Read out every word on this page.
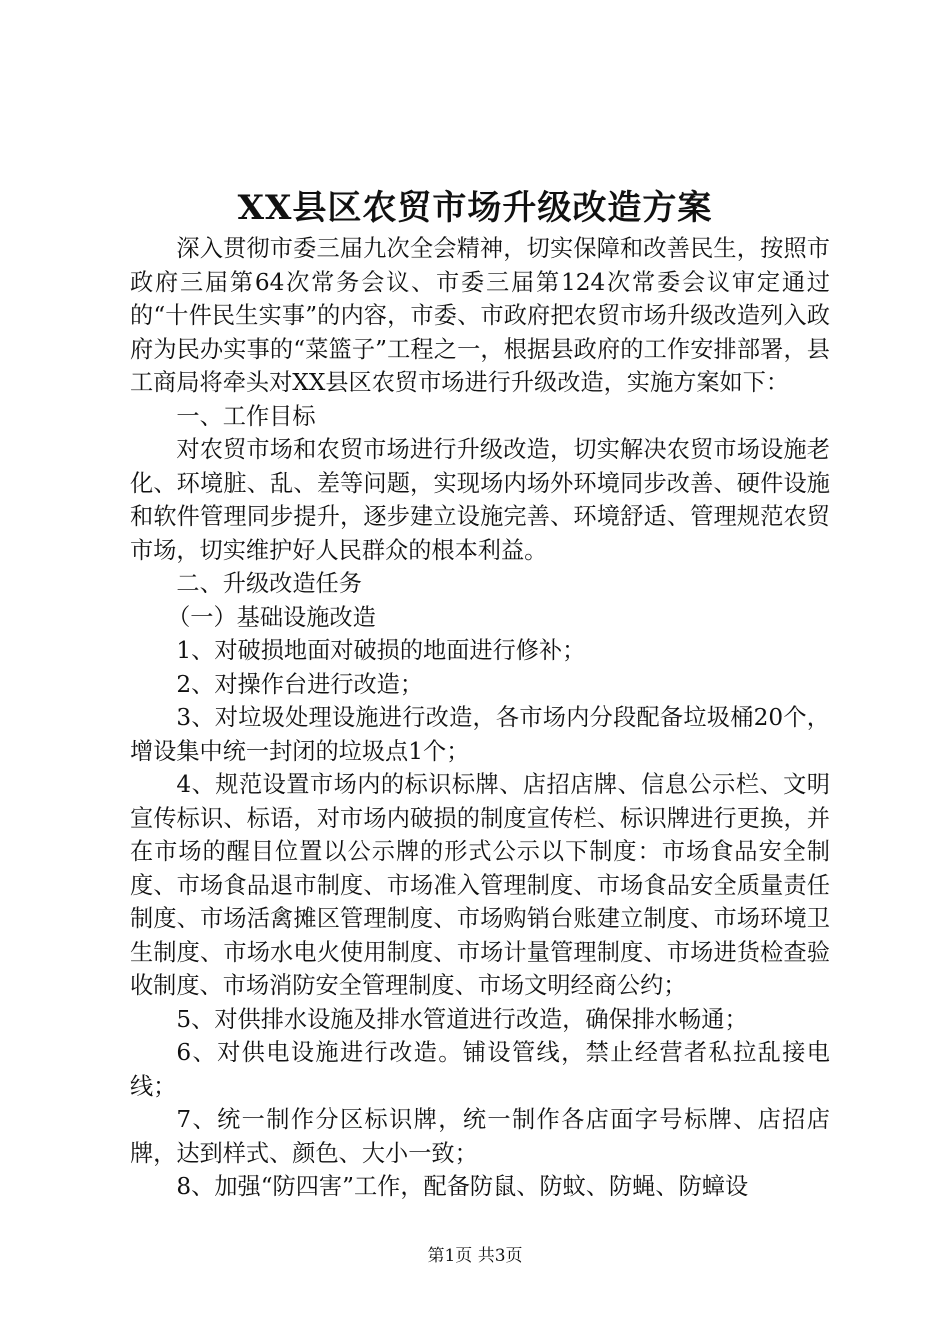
XX县区农贸市场升级改造方案

深入贯彻市委三届九次全会精神，切实保障和改善民生，按照市政府三届第64次常务会议、市委三届第124次常委会议审定通过的“十件民生实事”的内容，市委、市政府把农贸市场升级改造列入政府为民办实事的“菜篮子”工程之一，根据县政府的工作安排部署，县工商局将牵头对XX县区农贸市场进行升级改造，实施方案如下：

一、工作目标

对农贸市场和农贸市场进行升级改造，切实解决农贸市场设施老化、环境脏、乱、差等问题，实现场内场外环境同步改善、硬件设施和软件管理同步提升，逐步建立设施完善、环境舒适、管理规范农贸市场，切实维护好人民群众的根本利益。

二、升级改造任务

（一）基础设施改造

1、对破损地面对破损的地面进行修补；

2、对操作台进行改造；

3、对垃圾处理设施进行改造，各市场内分段配备垃圾桶20个，增设集中统一封闭的垃圾点1个；

4、规范设置市场内的标识标牌、店招店牌、信息公示栏、文明宣传标识、标语，对市场内破损的制度宣传栏、标识牌进行更换，并在市场的醒目位置以公示牌的形式公示以下制度：市场食品安全制度、市场食品退市制度、市场准入管理制度、市场食品安全质量责任制度、市场活禽摊区管理制度、市场购销台账建立制度、市场环境卫生制度、市场水电火使用制度、市场计量管理制度、市场进货检查验收制度、市场消防安全管理制度、市场文明经商公约；

5、对供排水设施及排水管道进行改造，确保排水畅通；

6、对供电设施进行改造。铺设管线，禁止经营者私拉乱接电线；

7、统一制作分区标识牌，统一制作各店面字号标牌、店招店牌，达到样式、颜色、大小一致；

8、加强“防四害”工作，配备防鼠、防蚊、防蝇、防蟑设

第1页 共3页
